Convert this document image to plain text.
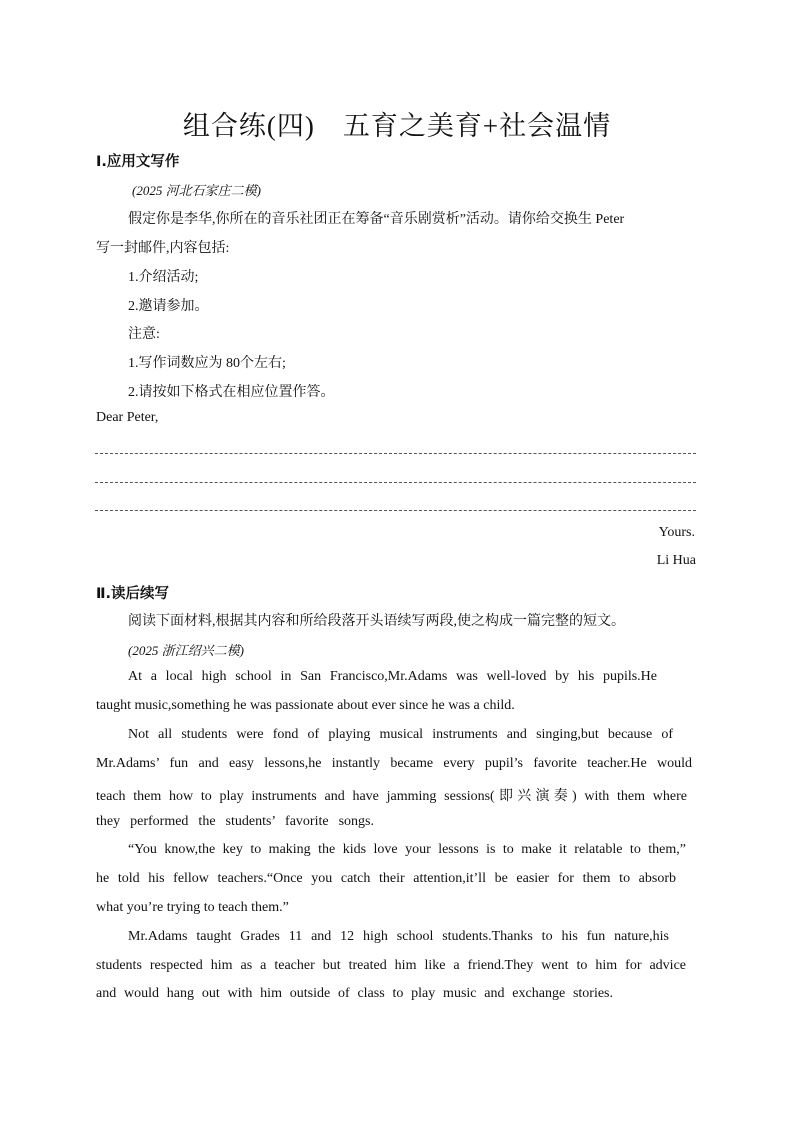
组合练(四)　五育之美育+社会温情
Ⅰ.应用文写作
(2025 河北石家庄二模)
假定你是李华,你所在的音乐社团正在筹备“音乐剧赏析”活动。请你给交换生 Peter
写一封邮件,内容包括:
1.介绍活动;
2.邀请参加。
注意:
1.写作词数应为 80个左右;
2.请按如下格式在相应位置作答。
Dear Peter,
Yours.
Li Hua
Ⅱ.读后续写
阅读下面材料,根据其内容和所给段落开头语续写两段,使之构成一篇完整的短文。
(2025 浙江绍兴二模)
At a local high school in San Francisco,Mr.Adams was well-loved by his pupils.He
taught music,something he was passionate about ever since he was a child.
Not all students were fond of playing musical instruments and singing,but because of
Mr.Adams’ fun and easy lessons,he instantly became every pupil’s favorite teacher.He would
teach them how to play instruments and have jamming sessions(即兴演奏) with them where
they performed the students’ favorite songs.
“You know,the key to making the kids love your lessons is to make it relatable to them,”
he told his fellow teachers.“Once you catch their attention,it’ll be easier for them to absorb
what you’re trying to teach them.”
Mr.Adams taught Grades 11 and 12 high school students.Thanks to his fun nature,his
students respected him as a teacher but treated him like a friend.They went to him for advice
and would hang out with him outside of class to play music and exchange stories.
